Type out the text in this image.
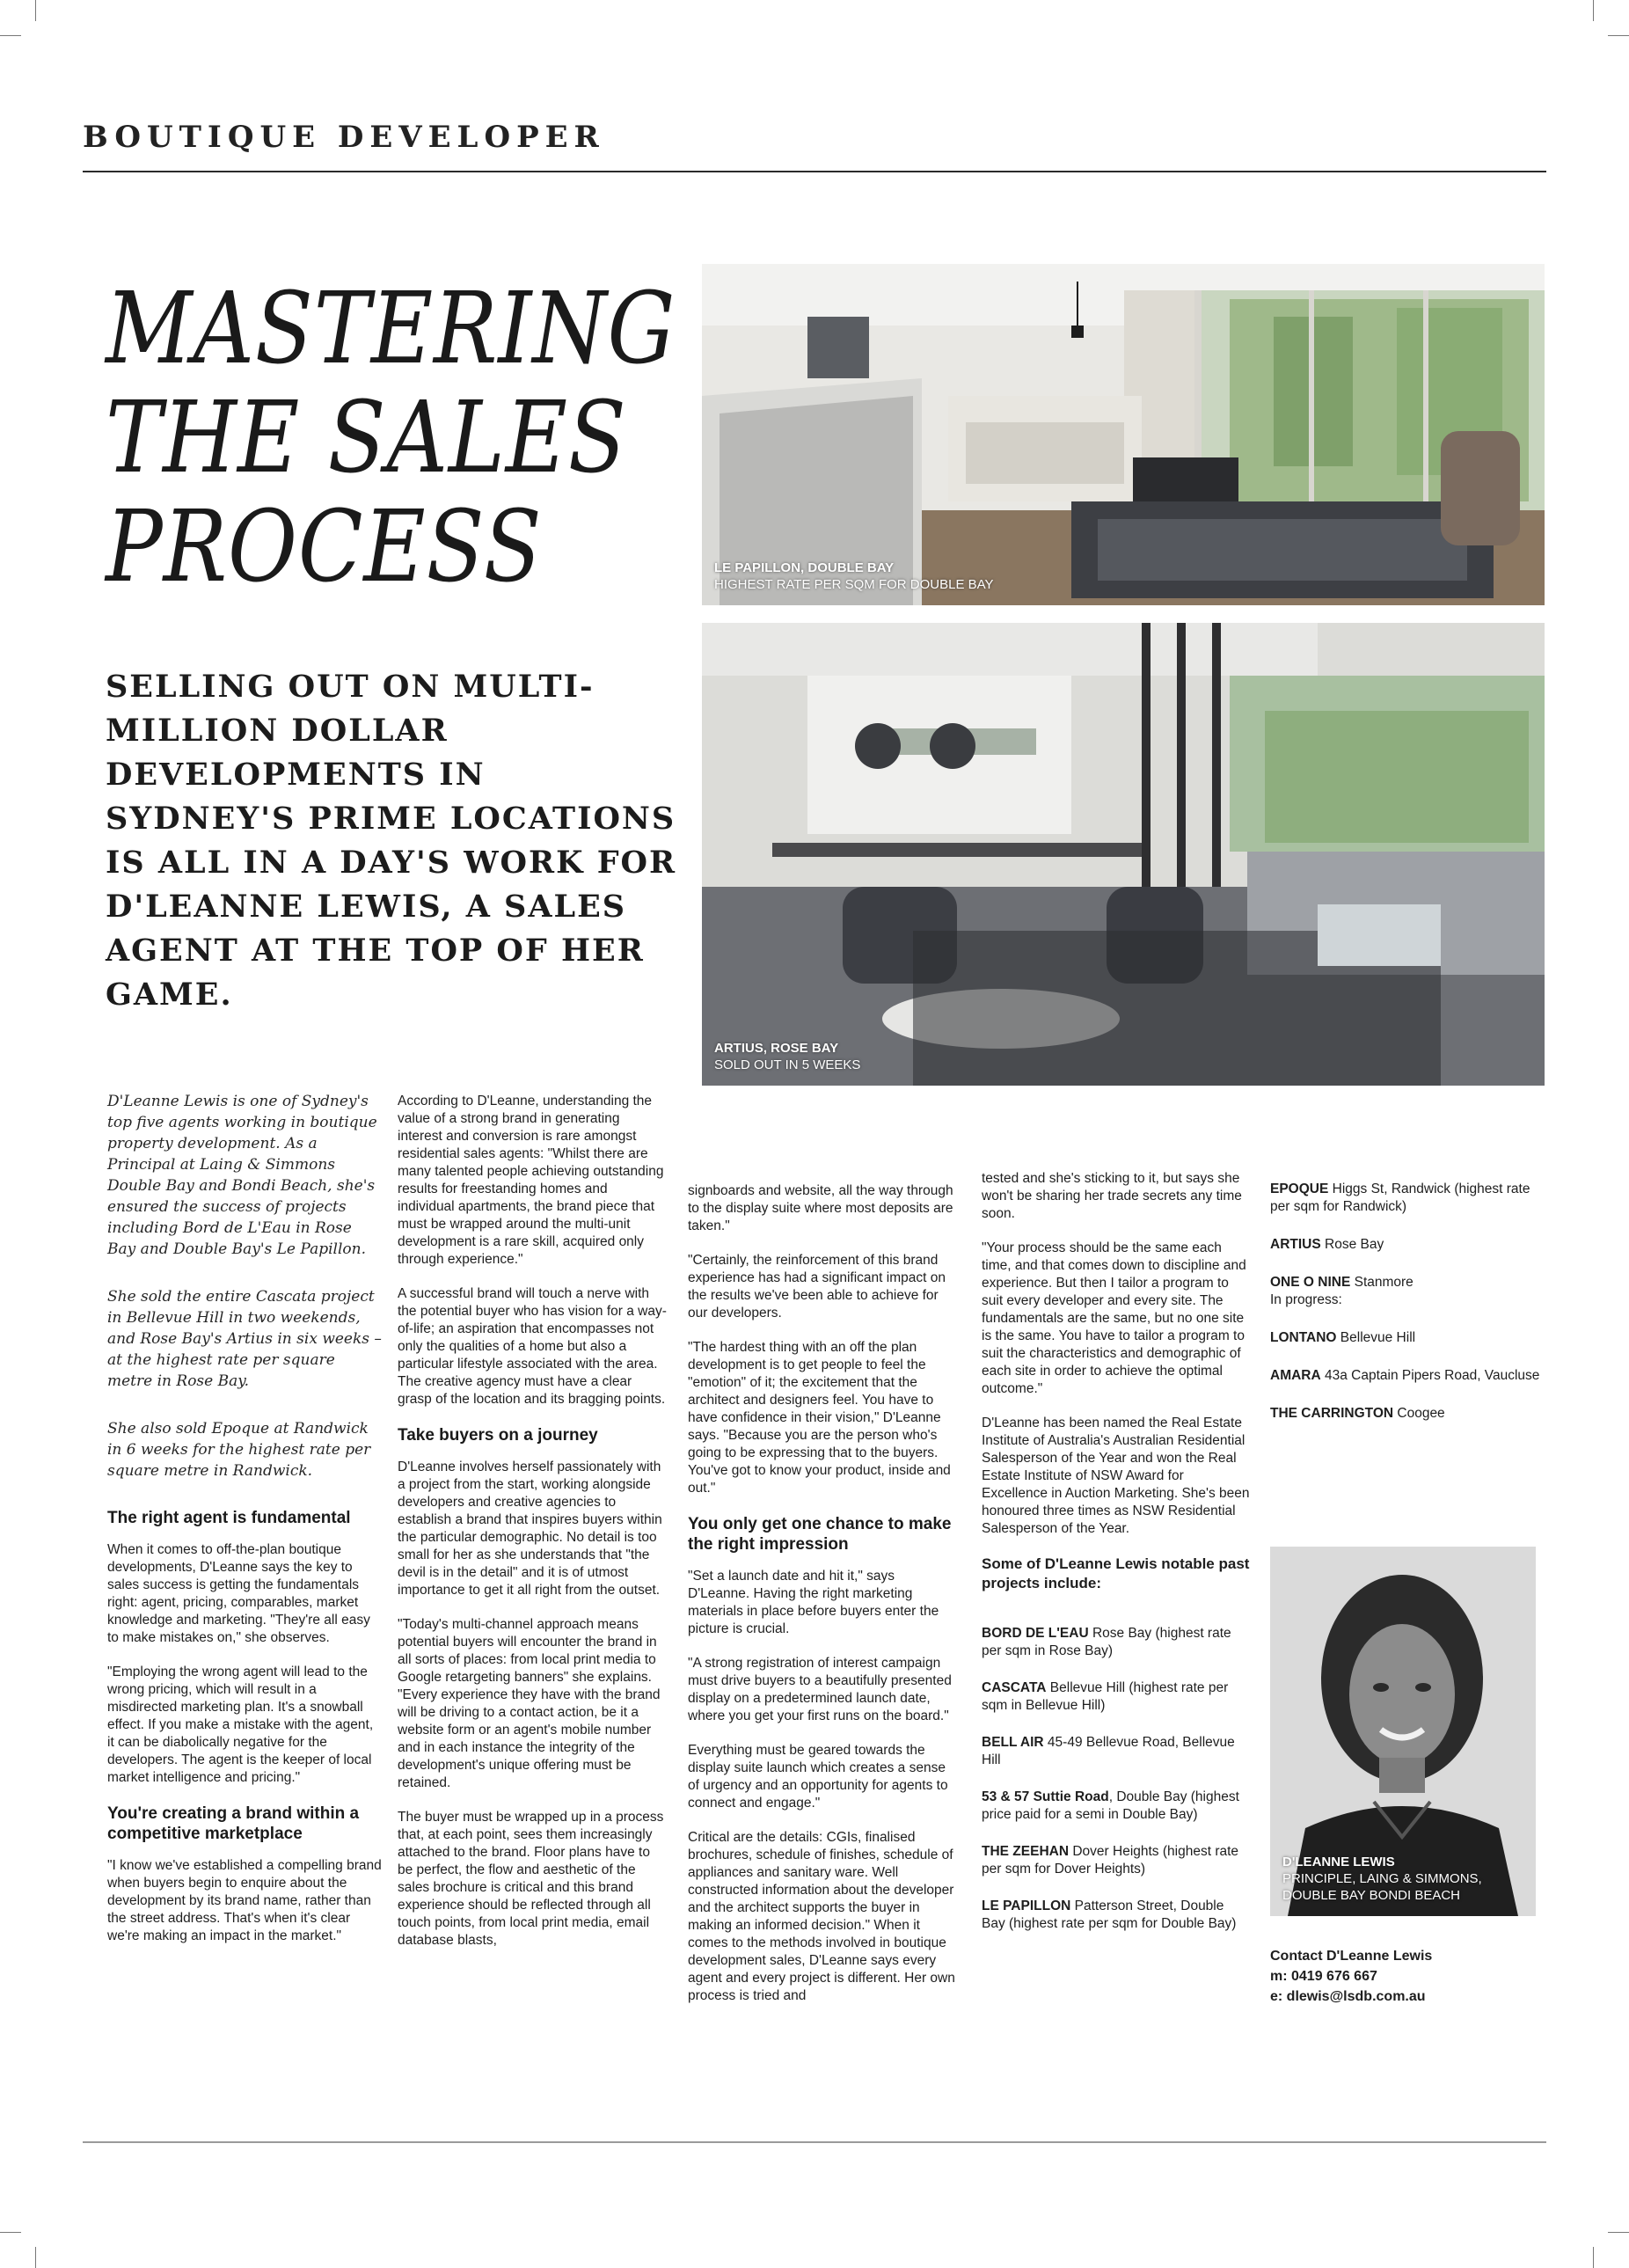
BOUTIQUE DEVELOPER
LE PAPILLON, DOUBLE BAY
HIGHEST RATE PER SQM FOR DOUBLE BAY
MASTERING
THE SALES
PROCESS
ARTIUS, ROSE BAY
SOLD OUT IN 5 WEEKS
SELLING OUT ON MULTI-MILLION DOLLAR DEVELOPMENTS IN SYDNEY'S PRIME LOCATIONS IS ALL IN A DAY'S WORK FOR D'LEANNE LEWIS, A SALES AGENT AT THE TOP OF HER GAME.

D'Leanne Lewis is one of Sydney's top five agents working in boutique property development. As a Principal at Laing & Simmons Double Bay and Bondi Beach, she's ensured the success of projects including Bord de L'Eau in Rose Bay and Double Bay's Le Papillon.

She sold the entire Cascata project in Bellevue Hill in two weekends, and Rose Bay's Artius in six weeks – at the highest rate per square metre in Rose Bay.

She also sold Epoque at Randwick in 6 weeks for the highest rate per square metre in Randwick.

The right agent is fundamental

When it comes to off-the-plan boutique developments, D'Leanne says the key to sales success is getting the fundamentals right: agent, pricing, comparables, market knowledge and marketing. "They're all easy to make mistakes on," she observes.

"Employing the wrong agent will lead to the wrong pricing, which will result in a misdirected marketing plan. It's a snowball effect. If you make a mistake with the agent, it can be diabolically negative for the developers. The agent is the keeper of local market intelligence and pricing."

You're creating a brand within a competitive marketplace

"I know we've established a compelling brand when buyers begin to enquire about the development by its brand name, rather than the street address. That's when it's clear we're making an impact in the market."

According to D'Leanne, understanding the value of a strong brand in generating interest and conversion is rare amongst residential sales agents: "Whilst there are many talented people achieving outstanding results for freestanding homes and individual apartments, the brand piece that must be wrapped around the multi-unit development is a rare skill, acquired only through experience."

A successful brand will touch a nerve with the potential buyer who has vision for a way-of-life; an aspiration that encompasses not only the qualities of a home but also a particular lifestyle associated with the area. The creative agency must have a clear grasp of the location and its bragging points.

Take buyers on a journey

D'Leanne involves herself passionately with a project from the start, working alongside developers and creative agencies to establish a brand that inspires buyers within the particular demographic. No detail is too small for her as she understands that "the devil is in the detail" and it is of utmost importance to get it all right from the outset.

"Today's multi-channel approach means potential buyers will encounter the brand in all sorts of places: from local print media to Google retargeting banners" she explains. "Every experience they have with the brand will be driving to a contact action, be it a website form or an agent's mobile number and in each instance the integrity of the development's unique offering must be retained.

The buyer must be wrapped up in a process that, at each point, sees them increasingly attached to the brand. Floor plans have to be perfect, the flow and aesthetic of the sales brochure is critical and this brand experience should be reflected through all touch points, from local print media, email database blasts,

signboards and website, all the way through to the display suite where most deposits are taken."

"Certainly, the reinforcement of this brand experience has had a significant impact on the results we've been able to achieve for our developers.

"The hardest thing with an off the plan development is to get people to feel the "emotion" of it; the excitement that the architect and designers feel. You have to have confidence in their vision," D'Leanne says. "Because you are the person who's going to be expressing that to the buyers. You've got to know your product, inside and out."

You only get one chance to make the right impression

"Set a launch date and hit it," says D'Leanne. Having the right marketing materials in place before buyers enter the picture is crucial.

"A strong registration of interest campaign must drive buyers to a beautifully presented display on a predetermined launch date, where you get your first runs on the board."

Everything must be geared towards the display suite launch which creates a sense of urgency and an opportunity for agents to connect and engage."

Critical are the details: CGIs, finalised brochures, schedule of finishes, schedule of appliances and sanitary ware. Well constructed information about the developer and the architect supports the buyer in making an informed decision." When it comes to the methods involved in boutique development sales, D'Leanne says every agent and every project is different. Her own process is tried and

tested and she's sticking to it, but says she won't be sharing her trade secrets any time soon.

"Your process should be the same each time, and that comes down to discipline and experience. But then I tailor a program to suit every developer and every site. The fundamentals are the same, but no one site is the same. You have to tailor a program to suit the characteristics and demographic of each site in order to achieve the optimal outcome."

D'Leanne has been named the Real Estate Institute of Australia's Australian Residential Salesperson of the Year and won the Real Estate Institute of NSW Award for Excellence in Auction Marketing. She's been honoured three times as NSW Residential Salesperson of the Year.

Some of D'Leanne Lewis notable past projects include:

BORD DE L'EAU Rose Bay (highest rate per sqm in Rose Bay)

CASCATA Bellevue Hill (highest rate per sqm in Bellevue Hill)

BELL AIR 45-49 Bellevue Road, Bellevue Hill

53 & 57 Suttie Road, Double Bay (highest price paid for a semi in Double Bay)

THE ZEEHAN Dover Heights (highest rate per sqm for Dover Heights)

LE PAPILLON Patterson Street, Double Bay (highest rate per sqm for Double Bay)

EPOQUE Higgs St, Randwick (highest rate per sqm for Randwick)

ARTIUS Rose Bay

ONE O NINE Stanmore
In progress:

LONTANO Bellevue Hill

AMARA 43a Captain Pipers Road, Vaucluse

THE CARRINGTON Coogee

D'LEANNE LEWIS
PRINCIPLE, LAING & SIMMONS,
DOUBLE BAY BONDI BEACH
Contact D'Leanne Lewis
m: 0419 676 667
e: dlewis@lsdb.com.au
